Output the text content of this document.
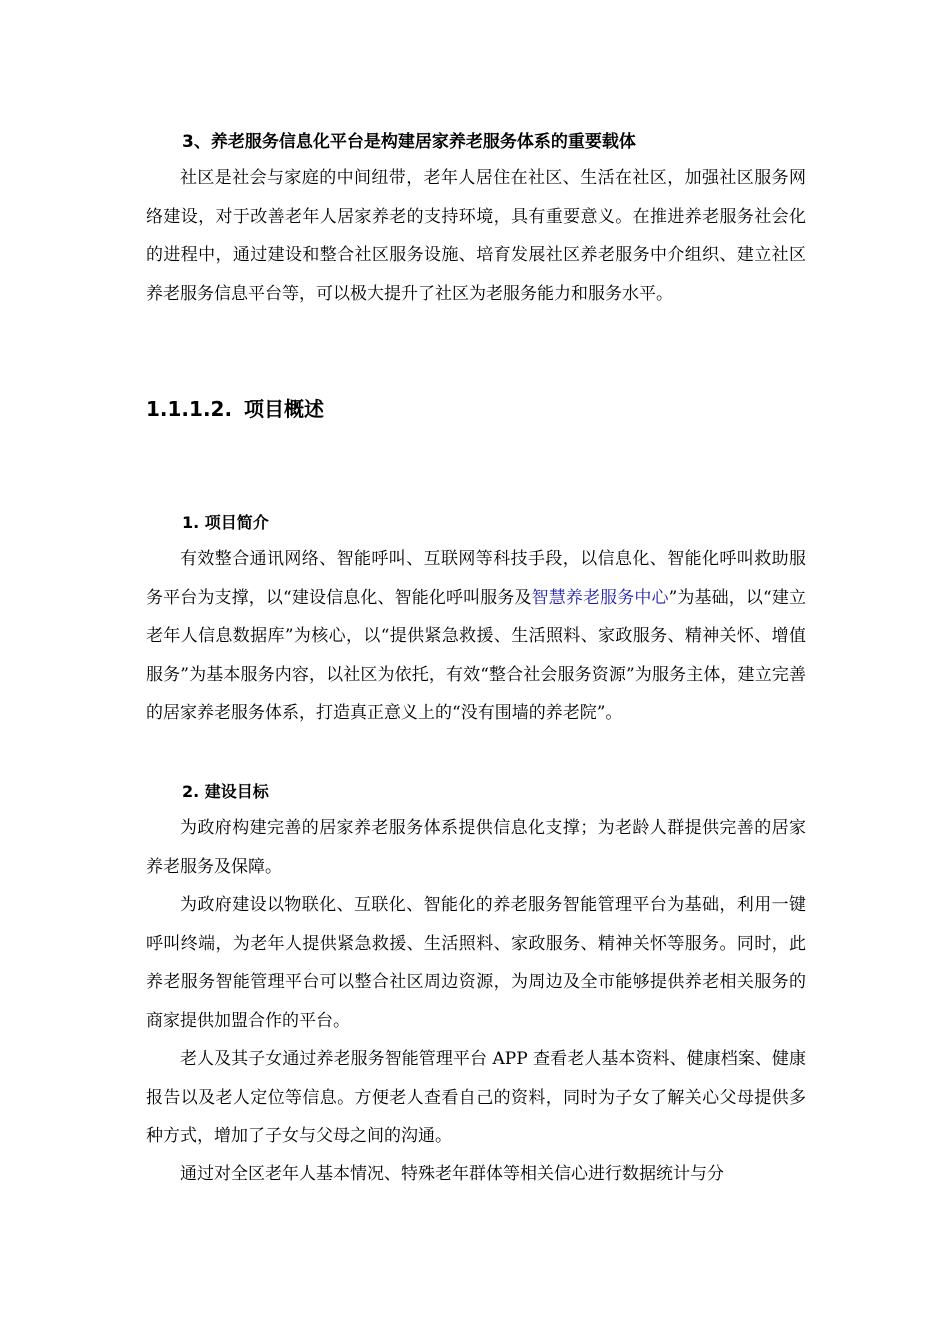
3、养老服务信息化平台是构建居家养老服务体系的重要载体

社区是社会与家庭的中间纽带，老年人居住在社区、生活在社区，加强社区服务网络建设，对于改善老年人居家养老的支持环境，具有重要意义。在推进养老服务社会化的进程中，通过建设和整合社区服务设施、培育发展社区养老服务中介组织、建立社区养老服务信息平台等，可以极大提升了社区为老服务能力和服务水平。

1.1.1.2. 项目概述
1. 项目简介

有效整合通讯网络、智能呼叫、互联网等科技手段，以信息化、智能化呼叫救助服务平台为支撑，以“建设信息化、智能化呼叫服务及智慧养老服务中心”为基础，以“建立老年人信息数据库”为核心，以“提供紧急救援、生活照料、家政服务、精神关怀、增值服务”为基本服务内容，以社区为依托，有效“整合社会服务资源”为服务主体，建立完善的居家养老服务体系，打造真正意义上的“没有围墙的养老院”。

2. 建设目标

为政府构建完善的居家养老服务体系提供信息化支撑；为老龄人群提供完善的居家养老服务及保障。

为政府建设以物联化、互联化、智能化的养老服务智能管理平台为基础，利用一键呼叫终端，为老年人提供紧急救援、生活照料、家政服务、精神关怀等服务。同时，此养老服务智能管理平台可以整合社区周边资源，为周边及全市能够提供养老相关服务的商家提供加盟合作的平台。

老人及其子女通过养老服务智能管理平台 APP 查看老人基本资料、健康档案、健康报告以及老人定位等信息。方便老人查看自己的资料，同时为子女了解关心父母提供多种方式，增加了子女与父母之间的沟通。

通过对全区老年人基本情况、特殊老年群体等相关信心进行数据统计与分
